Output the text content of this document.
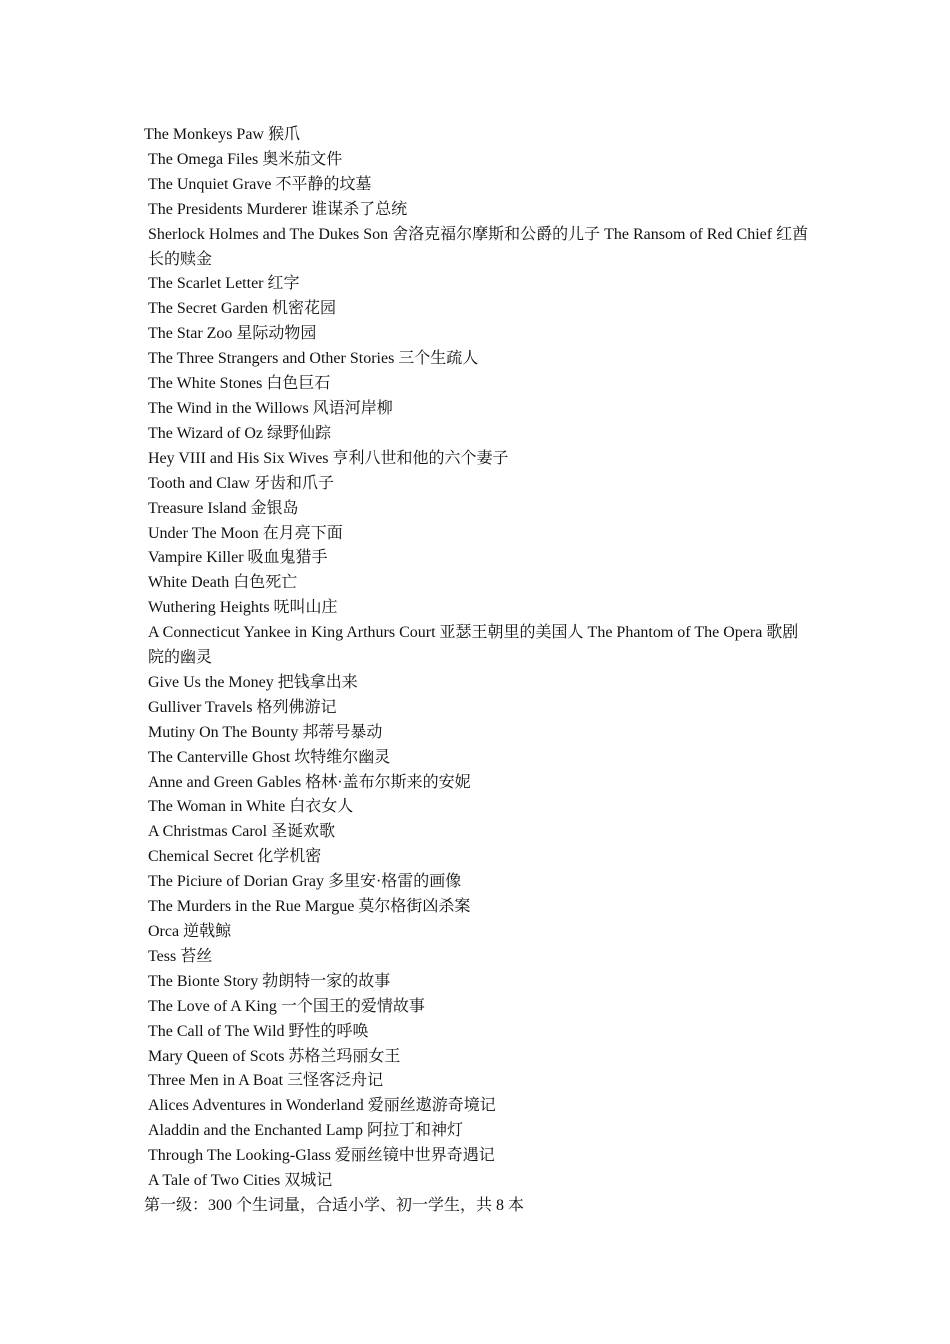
The Monkeys Paw 猴爪

The Omega Files 奥米茄文件

The Unquiet Grave 不平静的坟墓

The Presidents Murderer 谁谋杀了总统

Sherlock Holmes and The Dukes Son 舍洛克福尔摩斯和公爵的儿子 The Ransom of Red Chief 红酋长的赎金

The Scarlet Letter 红字

The Secret Garden 机密花园

The Star Zoo 星际动物园

The Three Strangers and Other Stories 三个生疏人

The White Stones 白色巨石

The Wind in the Willows 风语河岸柳

The Wizard of Oz 绿野仙踪

Hey VIII and His Six Wives 亨利八世和他的六个妻子

Tooth and Claw 牙齿和爪子

Treasure Island 金银岛

Under The Moon 在月亮下面

Vampire Killer 吸血鬼猎手

White Death 白色死亡

Wuthering Heights 呒叫山庄

A Connecticut Yankee in King Arthurs Court 亚瑟王朝里的美国人 The Phantom of The Opera 歌剧院的幽灵

Give Us the Money 把钱拿出来

Gulliver Travels 格列佛游记

Mutiny On The Bounty 邦蒂号暴动

The Canterville Ghost 坎特维尔幽灵

Anne and Green Gables 格林·盖布尔斯来的安妮

The Woman in White 白衣女人

A Christmas Carol 圣诞欢歌

Chemical Secret 化学机密

The Piciure of Dorian Gray 多里安·格雷的画像

The Murders in the Rue Margue 莫尔格街凶杀案

Orca 逆戟鲸

Tess 苔丝

The Bionte Story 勃朗特一家的故事

The Love of A King 一个国王的爱情故事

The Call of The Wild 野性的呼唤

Mary Queen of Scots 苏格兰玛丽女王

Three Men in A Boat 三怪客泛舟记

Alices Adventures in Wonderland 爱丽丝遨游奇境记

Aladdin and the Enchanted Lamp 阿拉丁和神灯

Through The Looking-Glass 爱丽丝镜中世界奇遇记

A Tale of Two Cities 双城记

第一级：300 个生词量，合适小学、初一学生，共 8 本
